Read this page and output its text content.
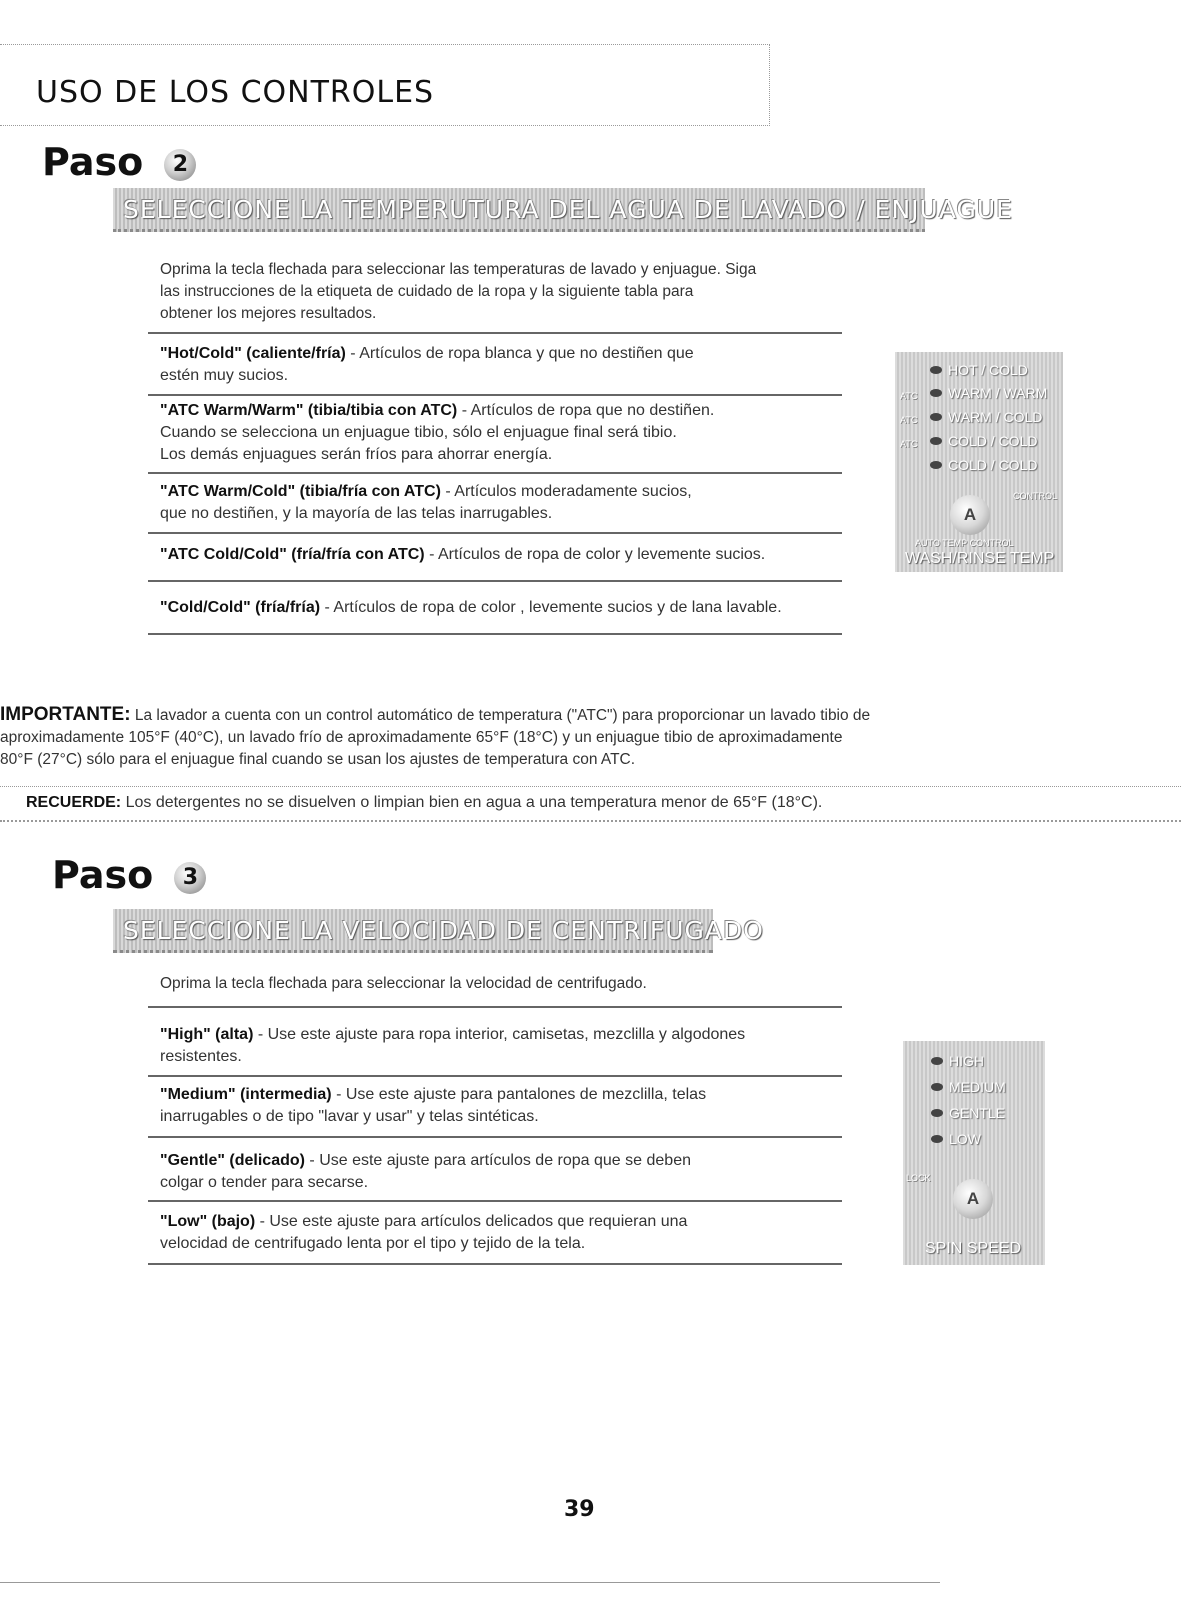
USO DE LOS CONTROLES
Paso 2
SELECCIONE LA TEMPERUTURA DEL AGUA DE LAVADO / ENJUAGUE
Oprima la tecla flechada para seleccionar las temperaturas de lavado y enjuague. Siga
las instrucciones de la etiqueta de cuidado de la ropa y la siguiente tabla para
obtener los mejores resultados.
"Hot/Cold" (caliente/fría) - Artículos de ropa blanca y que no destiñen que
estén muy sucios.
"ATC Warm/Warm" (tibia/tibia con ATC) - Artículos de ropa que no destiñen.
Cuando se selecciona un enjuague tibio, sólo el enjuague final será tibio.
Los demás enjuagues serán fríos para ahorrar energía.
"ATC Warm/Cold" (tibia/fría con ATC) - Artículos moderadamente sucios,
que no destiñen, y la mayoría de las telas inarrugables.
"ATC Cold/Cold" (fría/fría con ATC) - Artículos de ropa de color y levemente sucios.
"Cold/Cold" (fría/fría) - Artículos de ropa de color , levemente sucios y de lana lavable.
HOT / COLD
ATC	WARM / WARM
ATC	WARM / COLD
ATC	COLD / COLD
COLD / COLD
CONTROL
A
AUTO TEMP CONTROL
WASH/RINSE TEMP
IMPORTANTE: La lavador a cuenta con un control automático de temperatura ("ATC") para proporcionar un lavado tibio de
aproximadamente 105°F (40°C), un lavado frío de aproximadamente 65°F (18°C) y un enjuague tibio de aproximadamente
80°F (27°C) sólo para el enjuague final cuando se usan los ajustes de temperatura con ATC.
RECUERDE: Los detergentes no se disuelven o limpian bien en agua a una temperatura menor de 65°F (18°C).
Paso 3
SELECCIONE LA VELOCIDAD DE CENTRIFUGADO
Oprima la tecla flechada para seleccionar la velocidad de centrifugado.
"High" (alta) - Use este ajuste para ropa interior, camisetas, mezclilla y algodones
resistentes.
"Medium" (intermedia) - Use este ajuste para pantalones de mezclilla, telas
inarrugables o de tipo "lavar y usar" y telas sintéticas.
"Gentle" (delicado) - Use este ajuste para artículos de ropa que se deben
colgar o tender para secarse.
"Low" (bajo) - Use este ajuste para artículos delicados que requieran una
velocidad de centrifugado lenta por el tipo y tejido de la tela.
HIGH
MEDIUM
GENTLE
LOW
LOCK
A
SPIN SPEED
39
